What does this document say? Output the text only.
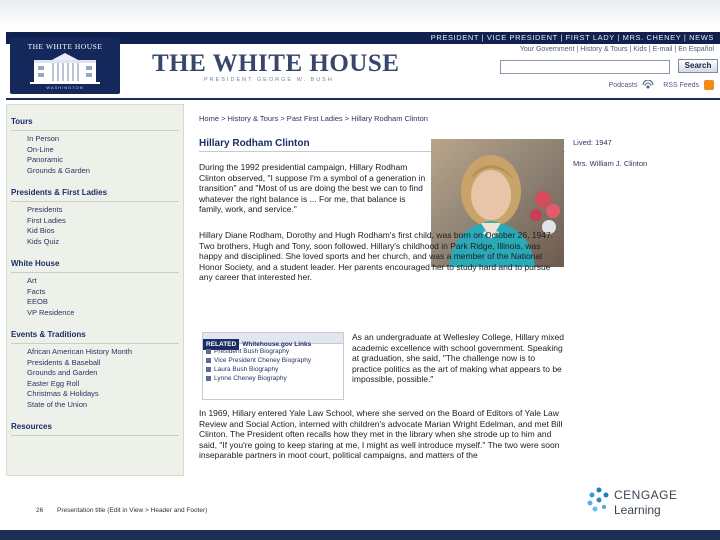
PRESIDENT | VICE PRESIDENT | FIRST LADY | MRS. CHENEY | NEWS
THE WHITE HOUSE
WASHINGTON
THE WHITE HOUSE
PRESIDENT GEORGE W. BUSH
Your Government | History & Tours | Kids | E-mail | En Español
Search
Podcasts	RSS Feeds
Tours
In Person
On-Line
Panoramic
Grounds & Garden
Presidents & First Ladies
Presidents
First Ladies
Kid Bios
Kids Quiz
White House
Art
Facts
EEOB
VP Residence
Events & Traditions
African American History Month
Presidents & Baseball
Grounds and Garden
Easter Egg Roll
Christmas & Holidays
State of the Union
Resources
Home > History & Tours > Past First Ladies > Hillary Rodham Clinton
Hillary Rodham Clinton	Lived: 1947
Mrs. William J. Clinton
During the 1992 presidential campaign, Hillary Rodham Clinton observed, "I suppose I'm a symbol of a generation in transition" and "Most of us are doing the best we can to find whatever the right balance is ... For me, that balance is family, work, and service."
Hillary Diane Rodham, Dorothy and Hugh Rodham's first child, was born on October 26, 1947. Two brothers, Hugh and Tony, soon followed. Hillary's childhood in Park Ridge, Illinois, was happy and disciplined. She loved sports and her church, and was a member of the National Honor Society, and a student leader. Her parents encouraged her to study hard and to pursue any career that interested her.
RELATED Whitehouse.gov Links
President Bush Biography
Vice President Cheney Biography
Laura Bush Biography
Lynne Cheney Biography
As an undergraduate at Wellesley College, Hillary mixed academic excellence with school government. Speaking at graduation, she said, "The challenge now is to practice politics as the art of making what appears to be impossible, possible."
In 1969, Hillary entered Yale Law School, where she served on the Board of Editors of Yale Law Review and Social Action, interned with children's advocate Marian Wright Edelman, and met Bill Clinton. The President often recalls how they met in the library when she strode up to him and said, "If you're going to keep staring at me, I might as well introduce myself." The two were soon inseparable partners in moot court, political campaigns, and matters of the
26 Presentation title (Edit in View > Header and Footer)
CENGAGE
Learning
